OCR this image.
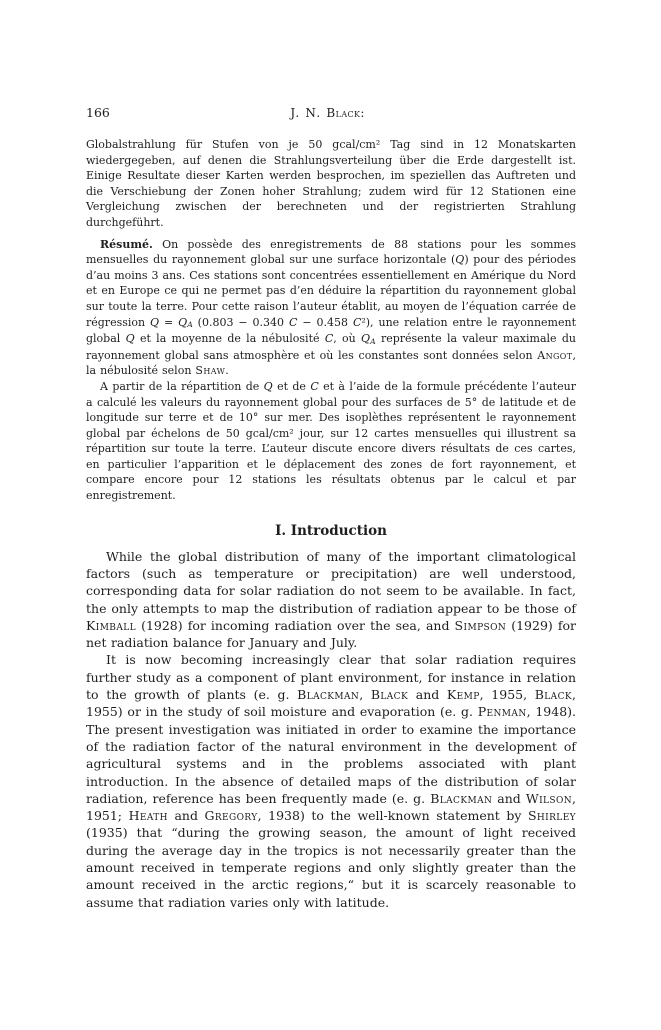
166	J. N. Black:

Globalstrahlung für Stufen von je 50 gcal/cm² Tag sind in 12 Monatskarten wiedergegeben, auf denen die Strahlungsverteilung über die Erde dargestellt ist. Einige Resultate dieser Karten werden besprochen, im speziellen das Auftreten und die Verschiebung der Zonen hoher Strahlung; zudem wird für 12 Stationen eine Vergleichung zwischen der berechneten und der registrierten Strahlung durchgeführt.

Résumé. On possède des enregistrements de 88 stations pour les sommes mensuelles du rayonnement global sur une surface horizontale (Q) pour des périodes d’au moins 3 ans. Ces stations sont concentrées essentiellement en Amérique du Nord et en Europe ce qui ne permet pas d’en déduire la répartition du rayonnement global sur toute la terre. Pour cette raison l’auteur établit, au moyen de l’équation carrée de régression Q = QA (0.803 − 0.340 C − 0.458 C²), une relation entre le rayonnement global Q et la moyenne de la nébulosité C, où QA représente la valeur maximale du rayonnement global sans atmosphère et où les constantes sont données selon Angot, la nébulosité selon Shaw.

A partir de la répartition de Q et de C et à l’aide de la formule précédente l’auteur a calculé les valeurs du rayonnement global pour des surfaces de 5° de latitude et de longitude sur terre et de 10° sur mer. Des isoplèthes représentent le rayonnement global par échelons de 50 gcal/cm² jour, sur 12 cartes mensuelles qui illustrent sa répartition sur toute la terre. L’auteur discute encore divers résultats de ces cartes, en particulier l’apparition et le déplacement des zones de fort rayonnement, et compare encore pour 12 stations les résultats obtenus par le calcul et par enregistrement.

I. Introduction

While the global distribution of many of the important climatological factors (such as temperature or precipitation) are well understood, corresponding data for solar radiation do not seem to be available. In fact, the only attempts to map the distribution of radiation appear to be those of Kimball (1928) for incoming radiation over the sea, and Simpson (1929) for net radiation balance for January and July.

It is now becoming increasingly clear that solar radiation requires further study as a component of plant environment, for instance in relation to the growth of plants (e. g. Blackman, Black and Kemp, 1955, Black, 1955) or in the study of soil moisture and evaporation (e. g. Penman, 1948). The present investigation was initiated in order to examine the importance of the radiation factor of the natural environment in the development of agricultural systems and in the problems associated with plant introduction. In the absence of detailed maps of the distribution of solar radiation, reference has been frequently made (e. g. Blackman and Wilson, 1951; Heath and Gregory, 1938) to the well-known statement by Shirley (1935) that “during the growing season, the amount of light received during the average day in the tropics is not necessarily greater than the amount received in temperate regions and only slightly greater than the amount received in the arctic regions,“ but it is scarcely reasonable to assume that radiation varies only with latitude.
